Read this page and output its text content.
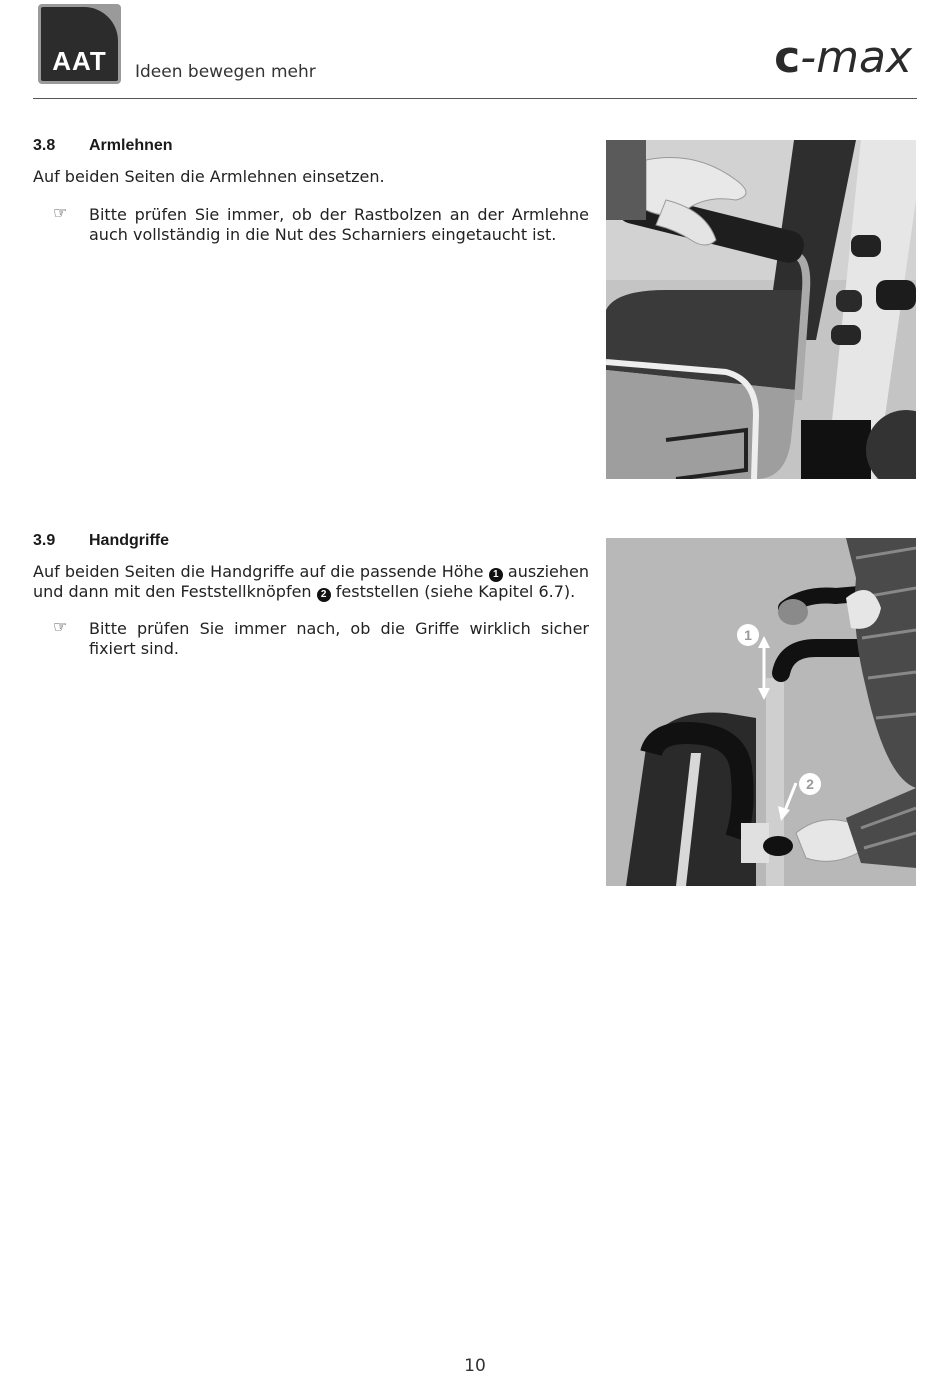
AAT	Ideen bewegen mehr	c-max
3.8 Armlehnen
Auf beiden Seiten die Armlehnen einsetzen.
☞ Bitte prüfen Sie immer, ob der Rastbolzen an der Armlehne auch vollständig in die Nut des Scharniers eingetaucht ist.
3.9 Handgriffe
Auf beiden Seiten die Handgriffe auf die passende Höhe 1 ausziehen und dann mit den Feststellknöpfen 2 feststellen (siehe Kapitel 6.7).
☞ Bitte prüfen Sie immer nach, ob die Griffe wirklich sicher fixiert sind.
1
2
10
